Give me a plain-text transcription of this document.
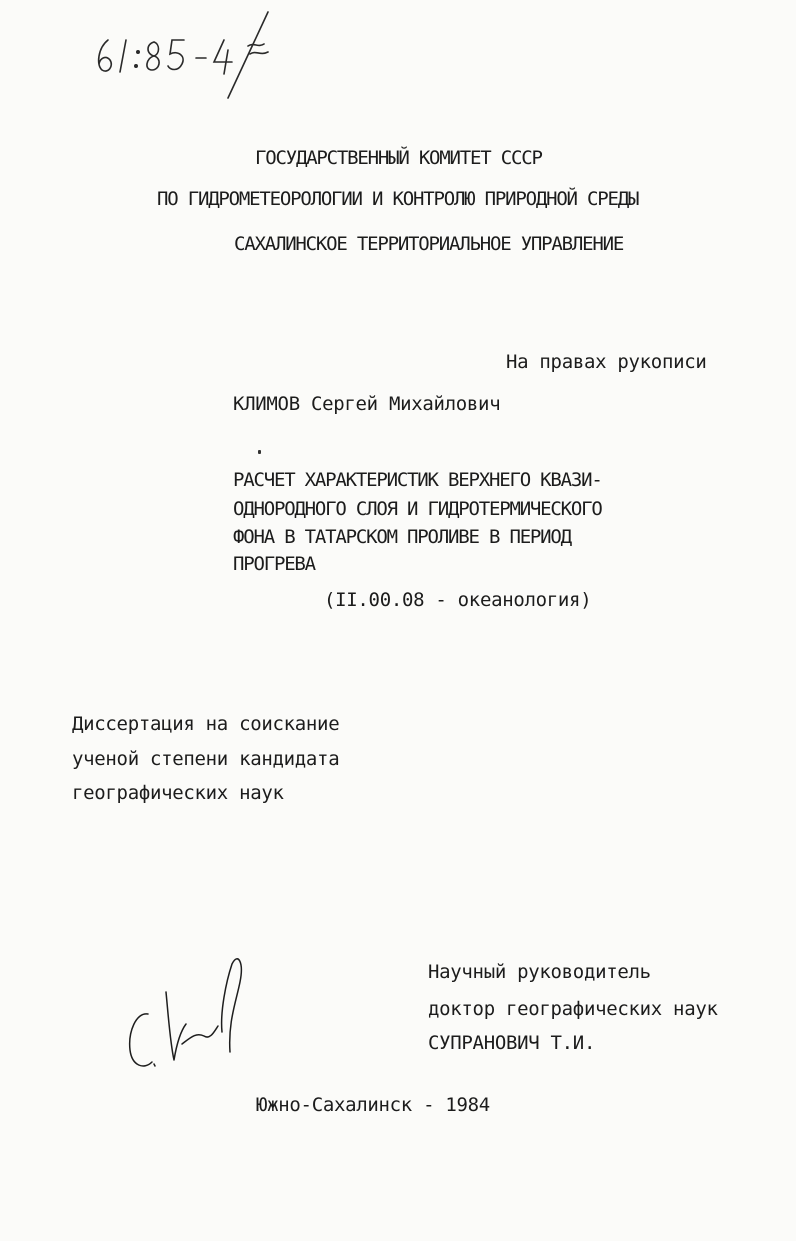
ГОСУДАРСТВЕННЫЙ КОМИТЕТ СССР
ПО ГИДРОМЕТЕОРОЛОГИИ И КОНТРОЛЮ ПРИРОДНОЙ СРЕДЫ
САХАЛИНСКОЕ ТЕРРИТОРИАЛЬНОЕ УПРАВЛЕНИЕ
На правах рукописи
КЛИМОВ Сергей Михайлович
РАСЧЕТ ХАРАКТЕРИСТИК ВЕРХНЕГО КВАЗИ-
ОДНОРОДНОГО СЛОЯ И ГИДРОТЕРМИЧЕСКОГО
ФОНА В ТАТАРСКОМ ПРОЛИВЕ В ПЕРИОД
ПРОГРЕВА
(II.00.08 - океанология)
Диссертация на соискание
ученой степени кандидата
географических наук
Научный руководитель
доктор географических наук
СУПРАНОВИЧ Т.И.
Южно-Сахалинск - 1984
